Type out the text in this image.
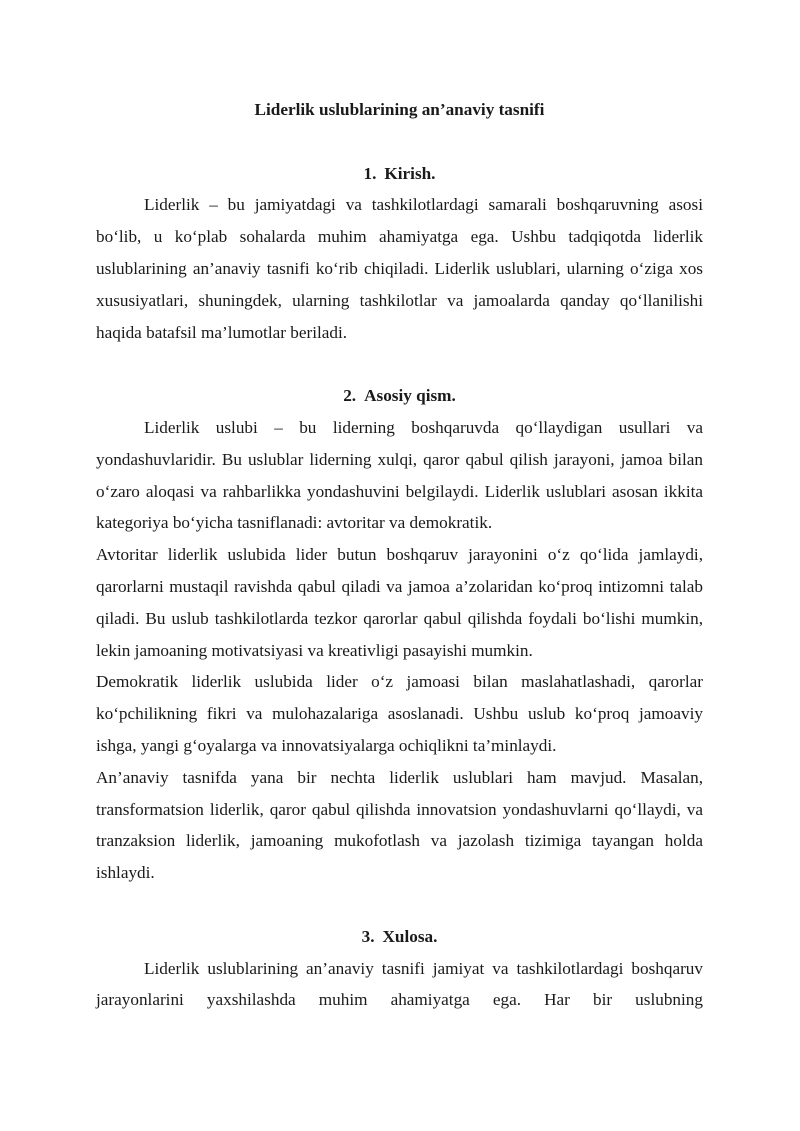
Liderlik uslublarining an’anaviy tasnifi
1. Kirish.

Liderlik – bu jamiyatdagi va tashkilotlardagi samarali boshqaruvning asosi bo‘lib, u ko‘plab sohalarda muhim ahamiyatga ega. Ushbu tadqiqotda liderlik uslublarining an’anaviy tasnifi ko‘rib chiqiladi. Liderlik uslublari, ularning o‘ziga xos xususiyatlari, shuningdek, ularning tashkilotlar va jamoalarda qanday qo‘llanilishi haqida batafsil ma’lumotlar beriladi.

2. Asosiy qism.

Liderlik uslubi – bu liderning boshqaruvda qo‘llaydigan usullari va yondashuvlaridir. Bu uslublar liderning xulqi, qaror qabul qilish jarayoni, jamoa bilan o‘zaro aloqasi va rahbarlikka yondashuvini belgilaydi. Liderlik uslublari asosan ikkita kategoriya bo‘yicha tasniflanadi: avtoritar va demokratik.

Avtoritar liderlik uslubida lider butun boshqaruv jarayonini o‘z qo‘lida jamlaydi, qarorlarni mustaqil ravishda qabul qiladi va jamoa a’zolaridan ko‘proq intizomni talab qiladi. Bu uslub tashkilotlarda tezkor qarorlar qabul qilishda foydali bo‘lishi mumkin, lekin jamoaning motivatsiyasi va kreativligi pasayishi mumkin.

Demokratik liderlik uslubida lider o‘z jamoasi bilan maslahatlashadi, qarorlar ko‘pchilikning fikri va mulohazalariga asoslanadi. Ushbu uslub ko‘proq jamoaviy ishga, yangi g‘oyalarga va innovatsiyalarga ochiqlikni ta’minlaydi.

An’anaviy tasnifda yana bir nechta liderlik uslublari ham mavjud. Masalan, transformatsion liderlik, qaror qabul qilishda innovatsion yondashuvlarni qo‘llaydi, va tranzaksion liderlik, jamoaning mukofotlash va jazolash tizimiga tayangan holda ishlaydi.

3. Xulosa.

Liderlik uslublarining an’anaviy tasnifi jamiyat va tashkilotlardagi boshqaruv jarayonlarini yaxshilashda muhim ahamiyatga ega. Har bir uslubning
